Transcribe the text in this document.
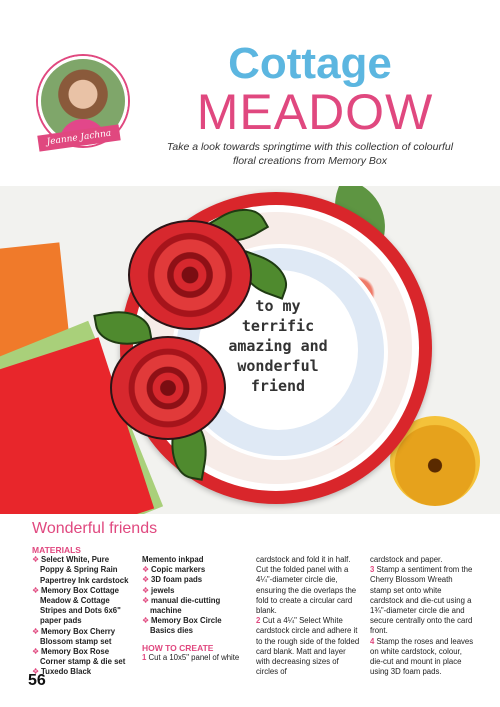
Jeanne Jachna
Cottage
MEADOW
Take a look towards springtime with this collection of colourful floral creations from Memory Box
to my
terrific
amazing and
wonderful
friend
Wonderful friends
MATERIALS
❖ Select White, Pure Poppy & Spring Rain Papertrey Ink cardstock
❖ Memory Box Cottage Meadow & Cottage Stripes and Dots 6x6" paper pads
❖ Memory Box Cherry Blossom stamp set
❖ Memory Box Rose Corner stamp & die set
❖ Tuxedo Black
Memento inkpad
❖ Copic markers
❖ 3D foam pads
❖ jewels
❖ manual die-cutting machine
❖ Memory Box Circle Basics dies
HOW TO CREATE
1 Cut a 10x5" panel of white
cardstock and fold it in half. Cut the folded panel with a 4¼"-diameter circle die, ensuring the die overlaps the fold to create a circular card blank.
2 Cut a 4¼" Select White cardstock circle and adhere it to the rough side of the folded card blank. Matt and layer with decreasing sizes of circles of
cardstock and paper.
3 Stamp a sentiment from the Cherry Blossom Wreath stamp set onto white cardstock and die-cut using a 1¾"-diameter circle die and secure centrally onto the card front.
4 Stamp the roses and leaves on white cardstock, colour, die-cut and mount in place using 3D foam pads.
56
